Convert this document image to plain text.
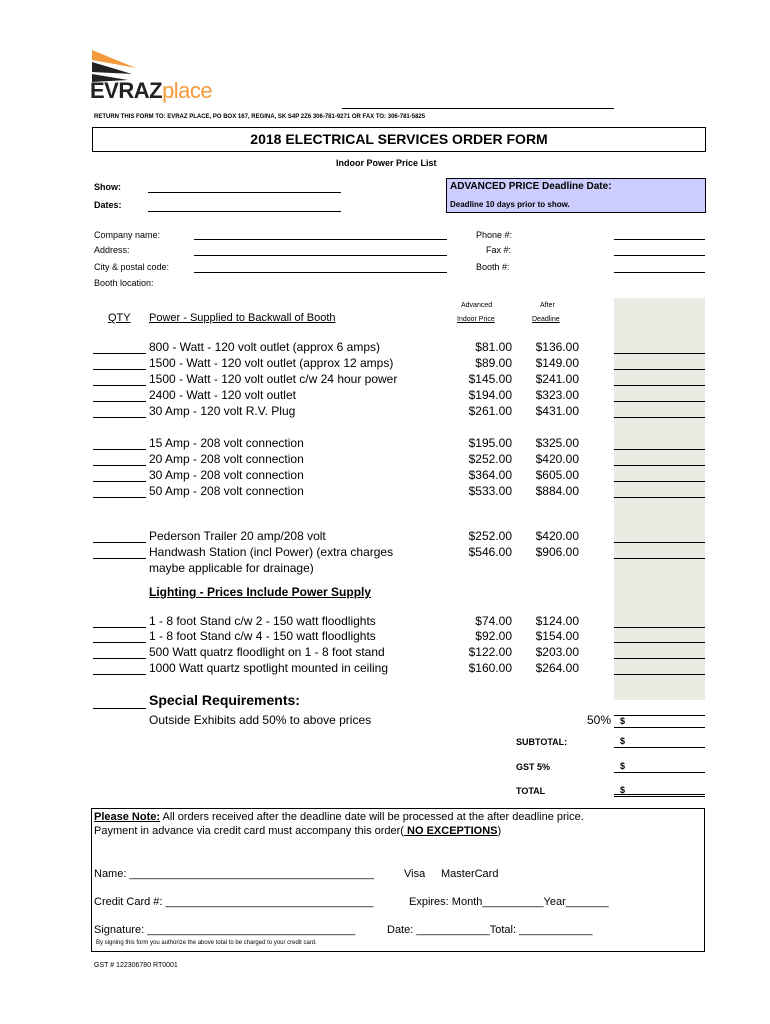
EVRAZplace
RETURN THIS FORM TO: EVRAZ PLACE, PO BOX 167, REGINA, SK S4P 2Z6 306-781-9271 OR FAX TO: 306-781-5825
2018 ELECTRICAL SERVICES ORDER FORM
Indoor Power Price List
Show:
Dates:
ADVANCED PRICE Deadline Date:
Deadline 10 days prior to show.
Company name:
Address:
City & postal code:
Booth location:
Phone #:
Fax #:
Booth #:
Advanced
Indoor Price
After
Deadline
QTY Power - Supplied to Backwall of Booth
800 - Watt - 120 volt outlet (approx 6 amps)	$81.00	$136.00
1500 - Watt - 120 volt outlet (approx 12 amps)	$89.00	$149.00
1500 - Watt - 120 volt outlet c/w 24 hour power	$145.00	$241.00
2400 - Watt - 120 volt outlet	$194.00	$323.00
30 Amp - 120 volt R.V. Plug	$261.00	$431.00
15 Amp - 208 volt connection	$195.00	$325.00
20 Amp - 208 volt connection	$252.00	$420.00
30 Amp - 208 volt connection	$364.00	$605.00
50 Amp - 208 volt connection	$533.00	$884.00
Pederson Trailer 20 amp/208 volt	$252.00	$420.00
Handwash Station (incl Power) (extra charges	$546.00	$906.00
maybe applicable for drainage)
Lighting - Prices Include Power Supply
1 - 8 foot Stand c/w 2 - 150 watt floodlights	$74.00	$124.00
1 - 8 foot Stand c/w 4 - 150 watt floodlights	$92.00	$154.00
500 Watt quatrz floodlight on 1 - 8 foot stand	$122.00	$203.00
1000 Watt quartz spotlight mounted in ceiling	$160.00	$264.00
Special Requirements:
Outside Exhibits add 50% to above prices	50% $
SUBTOTAL:	$
GST 5%	$
TOTAL	$
Please Note: All orders received after the deadline date will be processed at the after deadline price.
Payment in advance via credit card must accompany this order( NO EXCEPTIONS)
Name: ________________________________________	Visa MasterCard
Credit Card #: __________________________________	Expires: Month__________Year_______
Signature: __________________________________	Date: ____________Total: ____________
By signing this form you authorize the above total to be charged to your credit card.
GST # 122306780 RT0001
